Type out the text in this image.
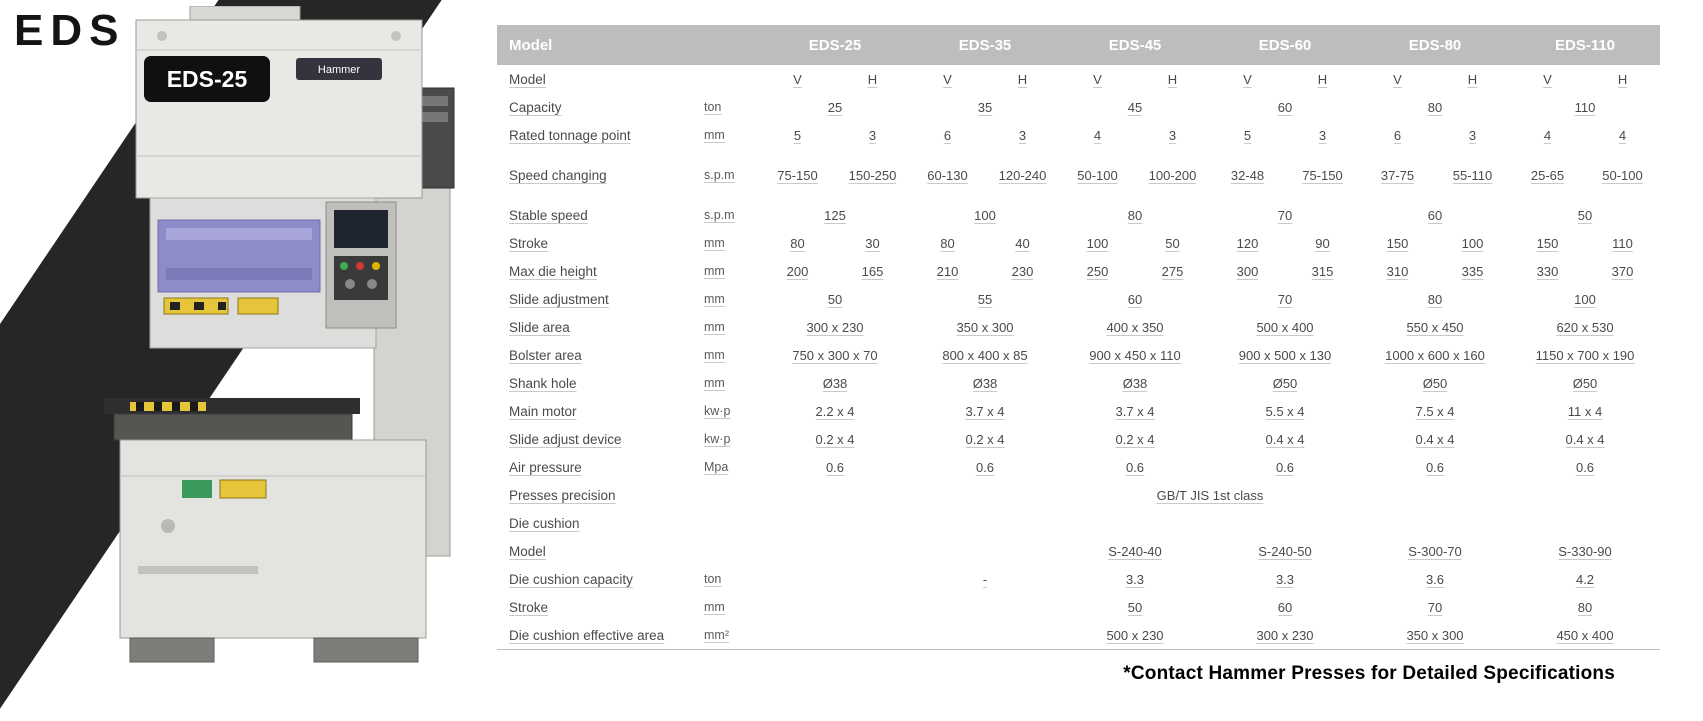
EDS
EDS-25	Hammer
Model		EDS-25		EDS-35		EDS-45		EDS-60		EDS-80		EDS-110	
Model		V	H	V	H	V	H	V	H	V	H	V	H
Capacity	ton	25		35		45		60		80		110	
Rated tonnage point	mm	5	3	6	3	4	3	5	3	6	3	4	4

Speed changing	s.p.m	75-150	150-250	60-130	120-240	50-100	100-200	32-48	75-150	37-75	55-110	25-65	50-100

Stable speed	s.p.m	125		100		80		70		60		50	
Stroke	mm	80	30	80	40	100	50	120	90	150	100	150	110
Max die height	mm	200	165	210	230	250	275	300	315	310	335	330	370
Slide adjustment	mm	50		55		60		70		80		100	
Slide area	mm	300 x 230		350 x 300		400 x 350		500 x 400		550 x 450		620 x 530	
Bolster area	mm	750 x 300 x 70		800 x 400 x 85		900 x 450 x 110		900 x 500 x 130		1000 x 600 x 160		1150 x 700 x 190	
Shank hole	mm	Ø38		Ø38		Ø38		Ø50		Ø50		Ø50	
Main motor	kw·p	2.2 x 4		3.7 x 4		3.7 x 4		5.5 x 4		7.5 x 4		11 x 4	
Slide adjust device	kw·p	0.2 x 4		0.2 x 4		0.2 x 4		0.4 x 4		0.4 x 4		0.4 x 4	
Air pressure	Mpa	0.6		0.6		0.6		0.6		0.6		0.6	
Presses precision		GB/T JIS 1st class											
Die cushion													
Model						S-240-40		S-240-50		S-300-70		S-330-90	
Die cushion capacity	ton			-		3.3		3.3		3.6		4.2	
Stroke	mm					50		60		70		80	
Die cushion effective area	mm²					500 x 230		300 x 230		350 x 300		450 x 400	
*Contact Hammer Presses for Detailed Specifications
